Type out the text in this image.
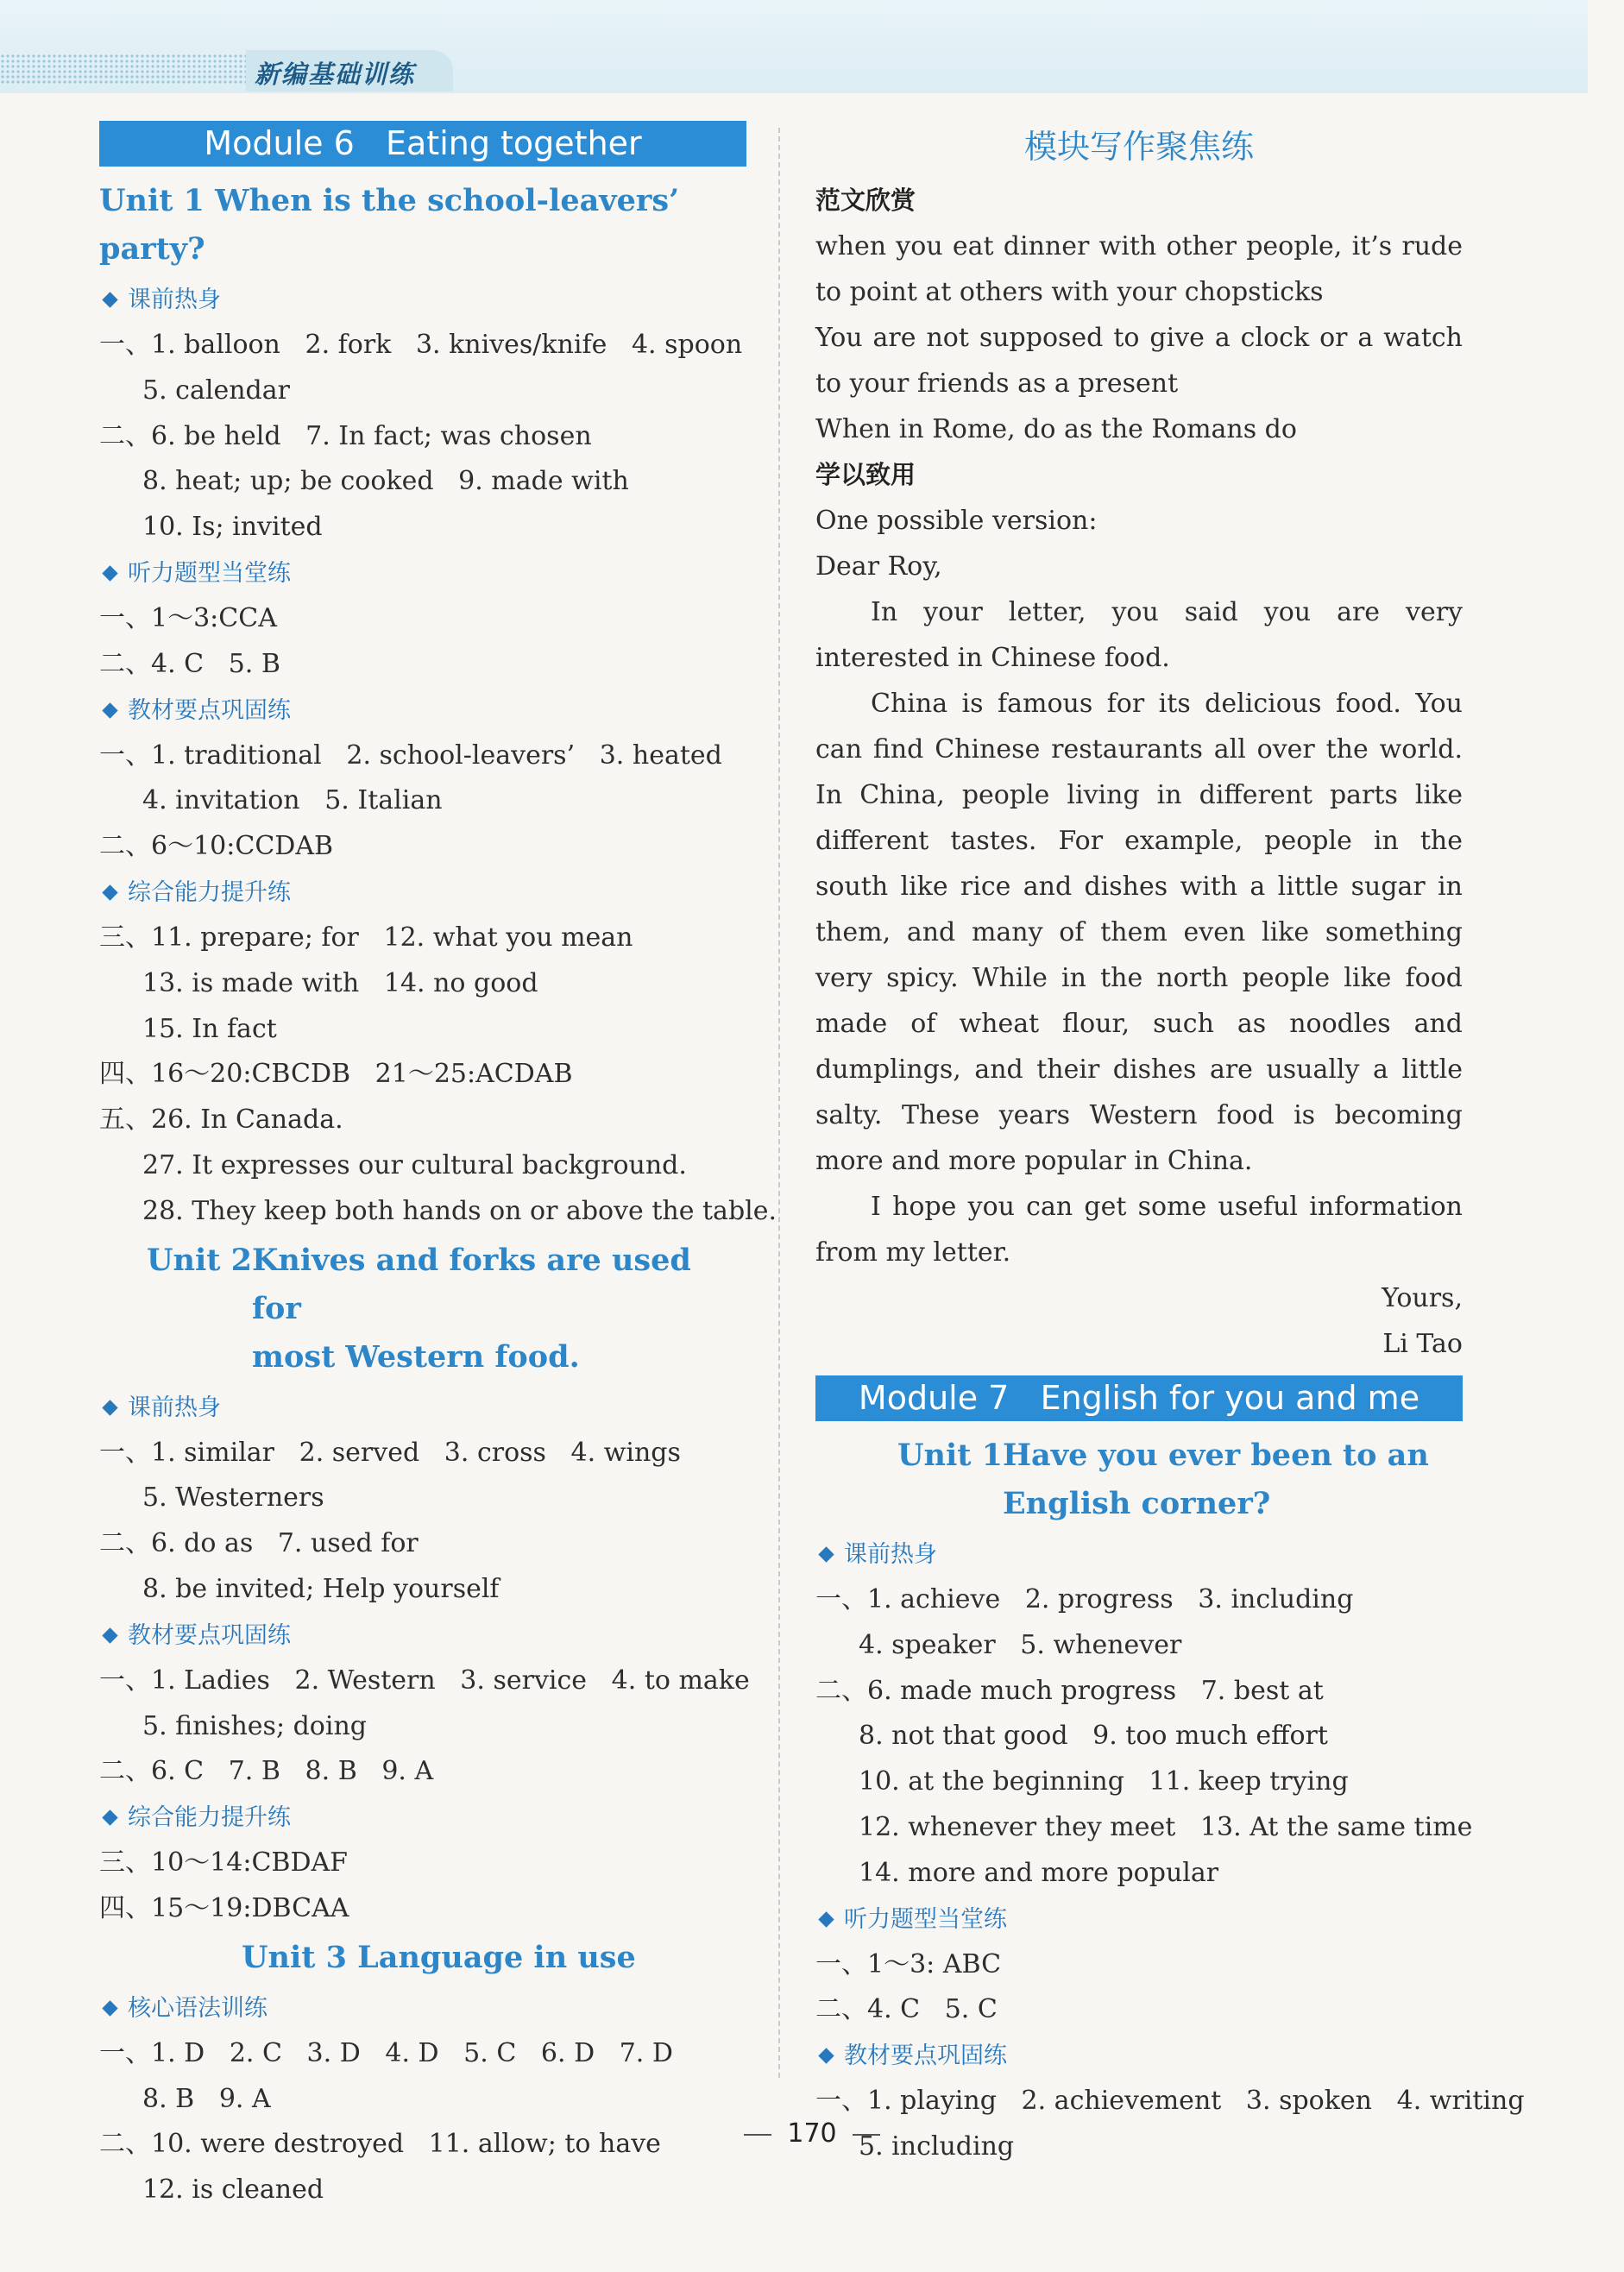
新编基础训练
Module 6   Eating together
Unit 1 When is the school-leavers’ party?
课前热身
一、1. balloon   2. fork   3. knives/knife   4. spoon
5. calendar
二、6. be held   7. In fact; was chosen
8. heat; up; be cooked   9. made with
10. Is; invited
听力题型当堂练
一、1～3:CCA
二、4. C   5. B
教材要点巩固练
一、1. traditional   2. school-leavers’   3. heated
4. invitation   5. Italian
二、6～10:CCDAB
综合能力提升练
三、11. prepare; for   12. what you mean
13. is made with   14. no good
15. In fact
四、16～20:CBCDB   21～25:ACDAB
五、26. In Canada.
27. It expresses our cultural background.
28. They keep both hands on or above the table.
Unit 2 Knives and forks are used for
most Western food.
课前热身
一、1. similar   2. served   3. cross   4. wings
5. Westerners
二、6. do as   7. used for
8. be invited; Help yourself
教材要点巩固练
一、1. Ladies   2. Western   3. service   4. to make
5. finishes; doing
二、6. C   7. B   8. B   9. A
综合能力提升练
三、10～14:CBDAF
四、15～19:DBCAA
Unit 3 Language in use
核心语法训练
一、1. D   2. C   3. D   4. D   5. C   6. D   7. D
8. B   9. A
二、10. were destroyed   11. allow; to have
12. is cleaned
模块写作聚焦练
范文欣赏
when you eat dinner with other people, it’s rude to point at others with your chopsticks
You are not supposed to give a clock or a watch to your friends as a present
When in Rome, do as the Romans do
学以致用
One possible version:
Dear Roy,
In your letter, you said you are very interested in Chinese food.
China is famous for its delicious food. You can find Chinese restaurants all over the world. In China, people living in different parts like different tastes. For example, people in the south like rice and dishes with a little sugar in them, and many of them even like something very spicy. While in the north people like food made of wheat flour, such as noodles and dumplings, and their dishes are usually a little salty. These years Western food is becoming more and more popular in China.
I hope you can get some useful information from my letter.
Yours,
Li Tao
Module 7   English for you and me
Unit 1 Have you ever been to an
English corner?
课前热身
一、1. achieve   2. progress   3. including
4. speaker   5. whenever
二、6. made much progress   7. best at
8. not that good   9. too much effort
10. at the beginning   11. keep trying
12. whenever they meet   13. At the same time
14. more and more popular
听力题型当堂练
一、1～3: ABC
二、4. C   5. C
教材要点巩固练
一、1. playing   2. achievement   3. spoken   4. writing
5. including
170
